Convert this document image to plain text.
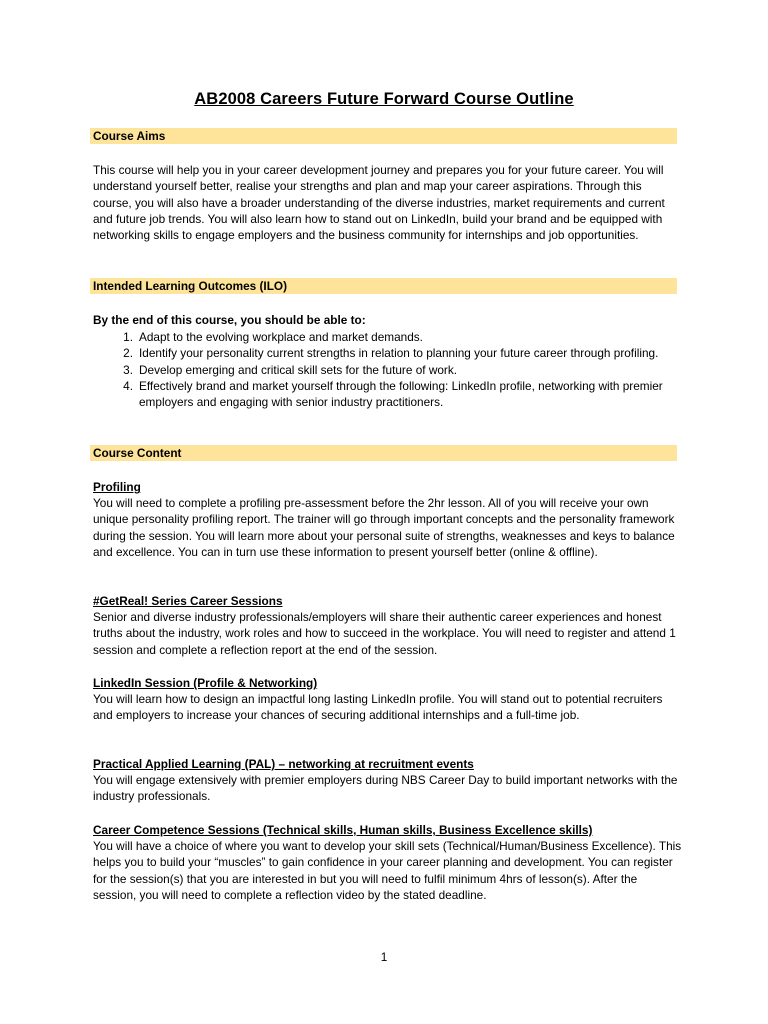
AB2008 Careers Future Forward Course Outline
Course Aims

This course will help you in your career development journey and prepares you for your future career. You will understand yourself better, realise your strengths and plan and map your career aspirations. Through this course, you will also have a broader understanding of the diverse industries, market requirements and current and future job trends. You will also learn how to stand out on LinkedIn, build your brand and be equipped with networking skills to engage employers and the business community for internships and job opportunities.

Intended Learning Outcomes (ILO)

By the end of this course, you should be able to:

1. Adapt to the evolving workplace and market demands.
2. Identify your personality current strengths in relation to planning your future career through profiling.
3. Develop emerging and critical skill sets for the future of work.
4. Effectively brand and market yourself through the following: LinkedIn profile, networking with premier employers and engaging with senior industry practitioners.
Course Content

Profiling

You will need to complete a profiling pre-assessment before the 2hr lesson. All of you will receive your own unique personality profiling report. The trainer will go through important concepts and the personality framework during the session. You will learn more about your personal suite of strengths, weaknesses and keys to balance and excellence. You can in turn use these information to present yourself better (online & offline).

#GetReal! Series Career Sessions

Senior and diverse industry professionals/employers will share their authentic career experiences and honest truths about the industry, work roles and how to succeed in the workplace. You will need to register and attend 1 session and complete a reflection report at the end of the session.

LinkedIn Session (Profile & Networking)

You will learn how to design an impactful long lasting LinkedIn profile. You will stand out to potential recruiters and employers to increase your chances of securing additional internships and a full-time job.

Practical Applied Learning (PAL) – networking at recruitment events

You will engage extensively with premier employers during NBS Career Day to build important networks with the industry professionals.

Career Competence Sessions (Technical skills, Human skills, Business Excellence skills)

You will have a choice of where you want to develop your skill sets (Technical/Human/Business Excellence). This helps you to build your “muscles” to gain confidence in your career planning and development. You can register for the session(s) that you are interested in but you will need to fulfil minimum 4hrs of lesson(s). After the session, you will need to complete a reflection video by the stated deadline.

1
